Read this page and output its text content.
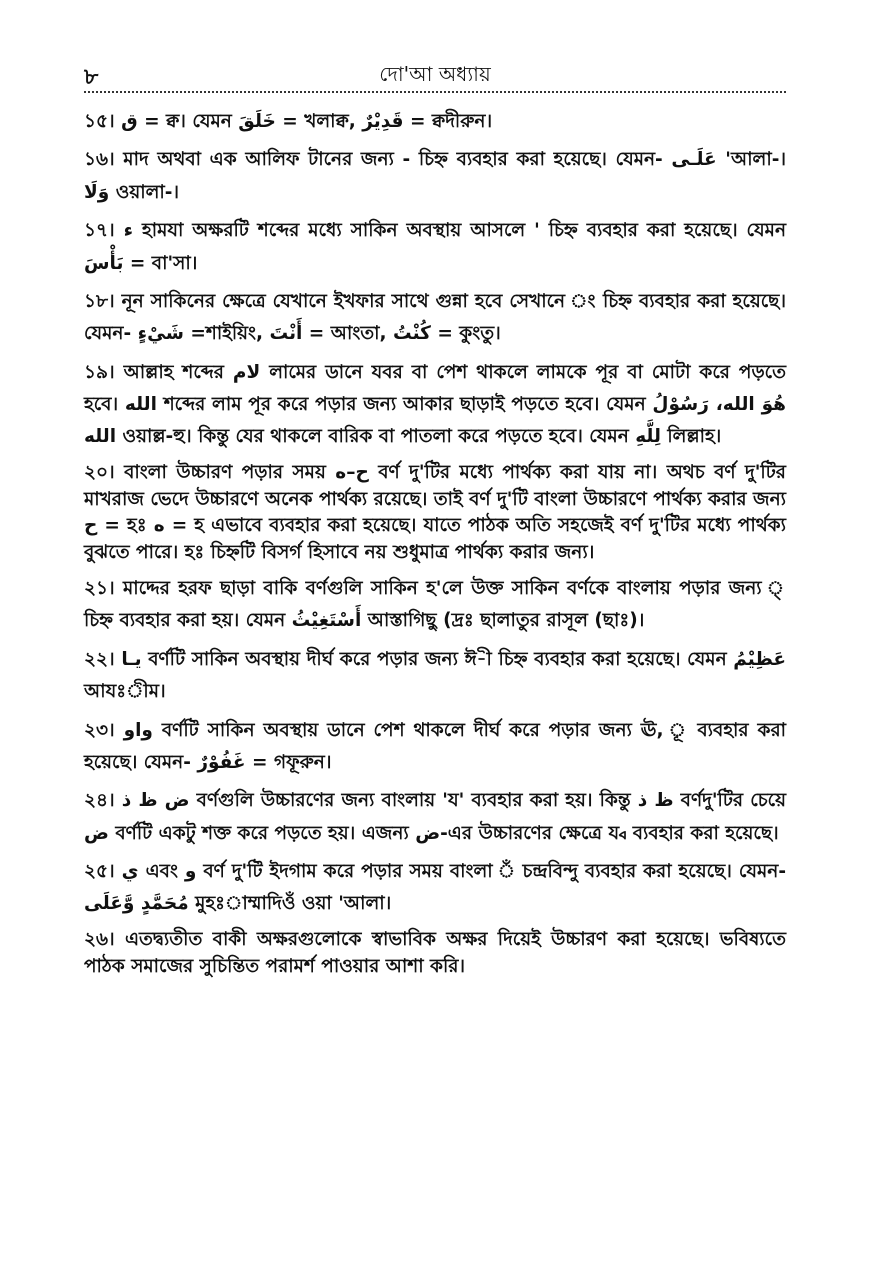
৮	দো'আ অধ্যায়

১৫। ق = ক্ব। যেমন خَلَقَ = খলাক্ব, قَدِيْرٌ = ক্বদীরুন।

১৬। মাদ অথবা এক আলিফ টানের জন্য - চিহ্ন ব্যবহার করা হয়েছে। যেমন- عَلَـى 'আলা-। وَلَا ওয়ালা-।

১৭। ء হামযা অক্ষরটি শব্দের মধ্যে সাকিন অবস্থায় আসলে ' চিহ্ন ব্যবহার করা হয়েছে। যেমন بَأْسَ = বা'সা।

১৮। নূন সাকিনের ক্ষেত্রে যেখানে ইখফার সাথে গুন্না হবে সেখানে ং চিহ্ন ব্যবহার করা হয়েছে। যেমন- شَيْءٍ =শাইয়িং, أَنْتَ = আংতা, كُنْتُ = কুংতু।

১৯। আল্লাহ শব্দের لام লামের ডানে যবর বা পেশ থাকলে লামকে পূর বা মোটা করে পড়তে হবে। الله শব্দের লাম পূর করে পড়ার জন্য আকার ছাড়াই পড়তে হবে। যেমন هُوَ الله، رَسُوْلُ الله ওয়াল্ল-হু। কিন্তু যের থাকলে বারিক বা পাতলা করে পড়তে হবে। যেমন لِلَّهِ লিল্লাহ।

২০। বাংলা উচ্চারণ পড়ার সময় ح–ه বর্ণ দু'টির মধ্যে পার্থক্য করা যায় না। অথচ বর্ণ দু'টির মাখরাজ ভেদে উচ্চারণে অনেক পার্থক্য রয়েছে। তাই বর্ণ দু'টি বাংলা উচ্চারণে পার্থক্য করার জন্য ح = হঃ ه = হ এভাবে ব্যবহার করা হয়েছে। যাতে পাঠক অতি সহজেই বর্ণ দু'টির মধ্যে পার্থক্য বুঝতে পারে। হঃ চিহ্নটি বিসর্গ হিসাবে নয় শুধুমাত্র পার্থক্য করার জন্য।

২১। মাদ্দের হরফ ছাড়া বাকি বর্ণগুলি সাকিন হ'লে উক্ত সাকিন বর্ণকে বাংলায় পড়ার জন্য ্ চিহ্ন ব্যবহার করা হয়। যেমন أَسْتَغِيْثُ আস্তাগিছু (দ্রঃ ছালাতুর রাসূল (ছাঃ)।

২২। يـا বর্ণটি সাকিন অবস্থায় দীর্ঘ করে পড়ার জন্য ঈ-ী চিহ্ন ব্যবহার করা হয়েছে। যেমন عَظِيْمُ আযঃীম।

২৩। واو বর্ণটি সাকিন অবস্থায় ডানে পেশ থাকলে দীর্ঘ করে পড়ার জন্য ঊ, ূ ব্যবহার করা হয়েছে। যেমন- غَفُوْرٌ = গফূরুন।

২৪। ض ظ ذ বর্ণগুলি উচ্চারণের জন্য বাংলায় 'য' ব্যবহার করা হয়। কিন্তু ظ ذ বর্ণদু'টির চেয়ে ض বর্ণটি একটু শক্ত করে পড়তে হয়। এজন্য ض-এর উচ্চারণের ক্ষেত্রে য্ব ব্যবহার করা হয়েছে।

২৫। ي এবং و বর্ণ দু'টি ইদগাম করে পড়ার সময় বাংলা ঁ চন্দ্রবিন্দু ব্যবহার করা হয়েছে। যেমন- مُحَمَّدٍ وَّعَلَى মুহঃাম্মাদিওঁ ওয়া 'আলা।

২৬। এতদ্ব্যতীত বাকী অক্ষরগুলোকে স্বাভাবিক অক্ষর দিয়েই উচ্চারণ করা হয়েছে। ভবিষ্যতে পাঠক সমাজের সুচিন্তিত পরামর্শ পাওয়ার আশা করি।
